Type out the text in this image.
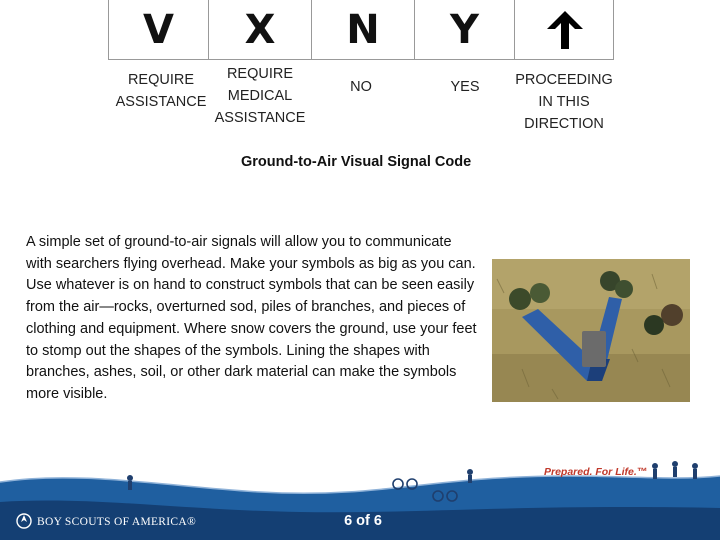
V X N Y
REQUIRE
ASSISTANCE
REQUIRE
MEDICAL
ASSISTANCE
NO	YES	PROCEEDING
IN THIS
DIRECTION
Ground-to-Air Visual Signal Code
A simple set of ground-to-air signals will allow you to communicate with searchers flying overhead. Make your symbols as big as you can. Use whatever is on hand to construct symbols that can be seen easily from the air—rocks, overturned sod, piles of branches, and pieces of clothing and equipment. Where snow covers the ground, use your feet to stomp out the shapes of the symbols. Lining the shapes with branches, ashes, soil, or other dark material can make the symbols more visible.
BOY SCOUTS OF AMERICA®
Prepared. For Life.™
6 of 6
